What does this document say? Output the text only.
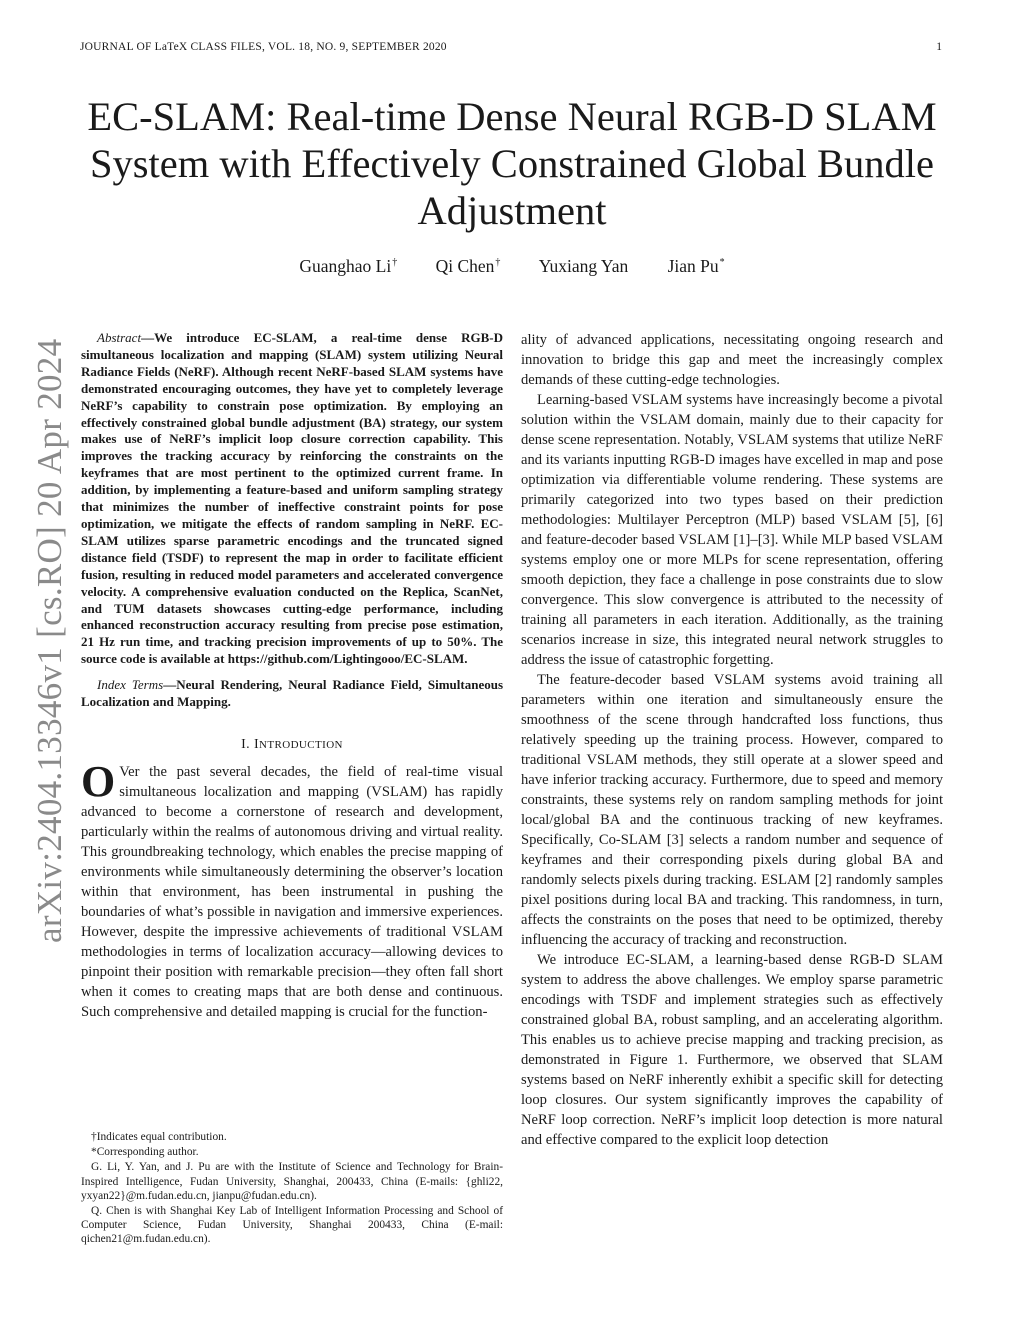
JOURNAL OF LaTeX CLASS FILES, VOL. 18, NO. 9, SEPTEMBER 2020	1
EC-SLAM: Real-time Dense Neural RGB-D SLAM System with Effectively Constrained Global Bundle Adjustment
Guanghao Li† Qi Chen† Yuxiang Yan Jian Pu*
arXiv:2404.13346v1 [cs.RO] 20 Apr 2024

Abstract—We introduce EC-SLAM, a real-time dense RGB-D simultaneous localization and mapping (SLAM) system utilizing Neural Radiance Fields (NeRF). Although recent NeRF-based SLAM systems have demonstrated encouraging outcomes, they have yet to completely leverage NeRF’s capability to constrain pose optimization. By employing an effectively constrained global bundle adjustment (BA) strategy, our system makes use of NeRF’s implicit loop closure correction capability. This improves the tracking accuracy by reinforcing the constraints on the keyframes that are most pertinent to the optimized current frame. In addition, by implementing a feature-based and uniform sampling strategy that minimizes the number of ineffective constraint points for pose optimization, we mitigate the effects of random sampling in NeRF. EC-SLAM utilizes sparse parametric encodings and the truncated signed distance field (TSDF) to represent the map in order to facilitate efficient fusion, resulting in reduced model parameters and accelerated convergence velocity. A comprehensive evaluation conducted on the Replica, ScanNet, and TUM datasets showcases cutting-edge performance, including enhanced reconstruction accuracy resulting from precise pose estimation, 21 Hz run time, and tracking precision improvements of up to 50%. The source code is available at https://github.com/Lightingooo/EC-SLAM.

Index Terms—Neural Rendering, Neural Radiance Field, Simultaneous Localization and Mapping.

I. INTRODUCTION

O Ver the past several decades, the field of real-time visual simultaneous localization and mapping (VSLAM) has rapidly advanced to become a cornerstone of research and development, particularly within the realms of autonomous driving and virtual reality. This groundbreaking technology, which enables the precise mapping of environments while simultaneously determining the observer’s location within that environment, has been instrumental in pushing the boundaries of what’s possible in navigation and immersive experiences. However, despite the impressive achievements of traditional VSLAM methodologies in terms of localization accuracy—allowing devices to pinpoint their position with remarkable precision—they often fall short when it comes to creating maps that are both dense and continuous. Such comprehensive and detailed mapping is crucial for the function-

ality of advanced applications, necessitating ongoing research and innovation to bridge this gap and meet the increasingly complex demands of these cutting-edge technologies.

Learning-based VSLAM systems have increasingly become a pivotal solution within the VSLAM domain, mainly due to their capacity for dense scene representation. Notably, VSLAM systems that utilize NeRF and its variants inputting RGB-D images have excelled in map and pose optimization via differentiable volume rendering. These systems are primarily categorized into two types based on their prediction methodologies: Multilayer Perceptron (MLP) based VSLAM [5], [6] and feature-decoder based VSLAM [1]–[3]. While MLP based VSLAM systems employ one or more MLPs for scene representation, offering smooth depiction, they face a challenge in pose constraints due to slow convergence. This slow convergence is attributed to the necessity of training all parameters in each iteration. Additionally, as the training scenarios increase in size, this integrated neural network struggles to address the issue of catastrophic forgetting.

The feature-decoder based VSLAM systems avoid training all parameters within one iteration and simultaneously ensure the smoothness of the scene through handcrafted loss functions, thus relatively speeding up the training process. However, compared to traditional VSLAM methods, they still operate at a slower speed and have inferior tracking accuracy. Furthermore, due to speed and memory constraints, these systems rely on random sampling methods for joint local/global BA and the continuous tracking of new keyframes. Specifically, Co-SLAM [3] selects a random number and sequence of keyframes and their corresponding pixels during global BA and randomly selects pixels during tracking. ESLAM [2] randomly samples pixel positions during local BA and tracking. This randomness, in turn, affects the constraints on the poses that need to be optimized, thereby influencing the accuracy of tracking and reconstruction.

We introduce EC-SLAM, a learning-based dense RGB-D SLAM system to address the above challenges. We employ sparse parametric encodings with TSDF and implement strategies such as effectively constrained global BA, robust sampling, and an accelerating algorithm. This enables us to achieve precise mapping and tracking precision, as demonstrated in Figure 1. Furthermore, we observed that SLAM systems based on NeRF inherently exhibit a specific skill for detecting loop closures. Our system significantly improves the capability of NeRF loop correction. NeRF’s implicit loop detection is more natural and effective compared to the explicit loop detection

†Indicates equal contribution.

*Corresponding author.

G. Li, Y. Yan, and J. Pu are with the Institute of Science and Technology for Brain-Inspired Intelligence, Fudan University, Shanghai, 200433, China (E-mails: {ghli22, yxyan22}@m.fudan.edu.cn, jianpu@fudan.edu.cn).

Q. Chen is with Shanghai Key Lab of Intelligent Information Processing and School of Computer Science, Fudan University, Shanghai 200433, China (E-mail: qichen21@m.fudan.edu.cn).
